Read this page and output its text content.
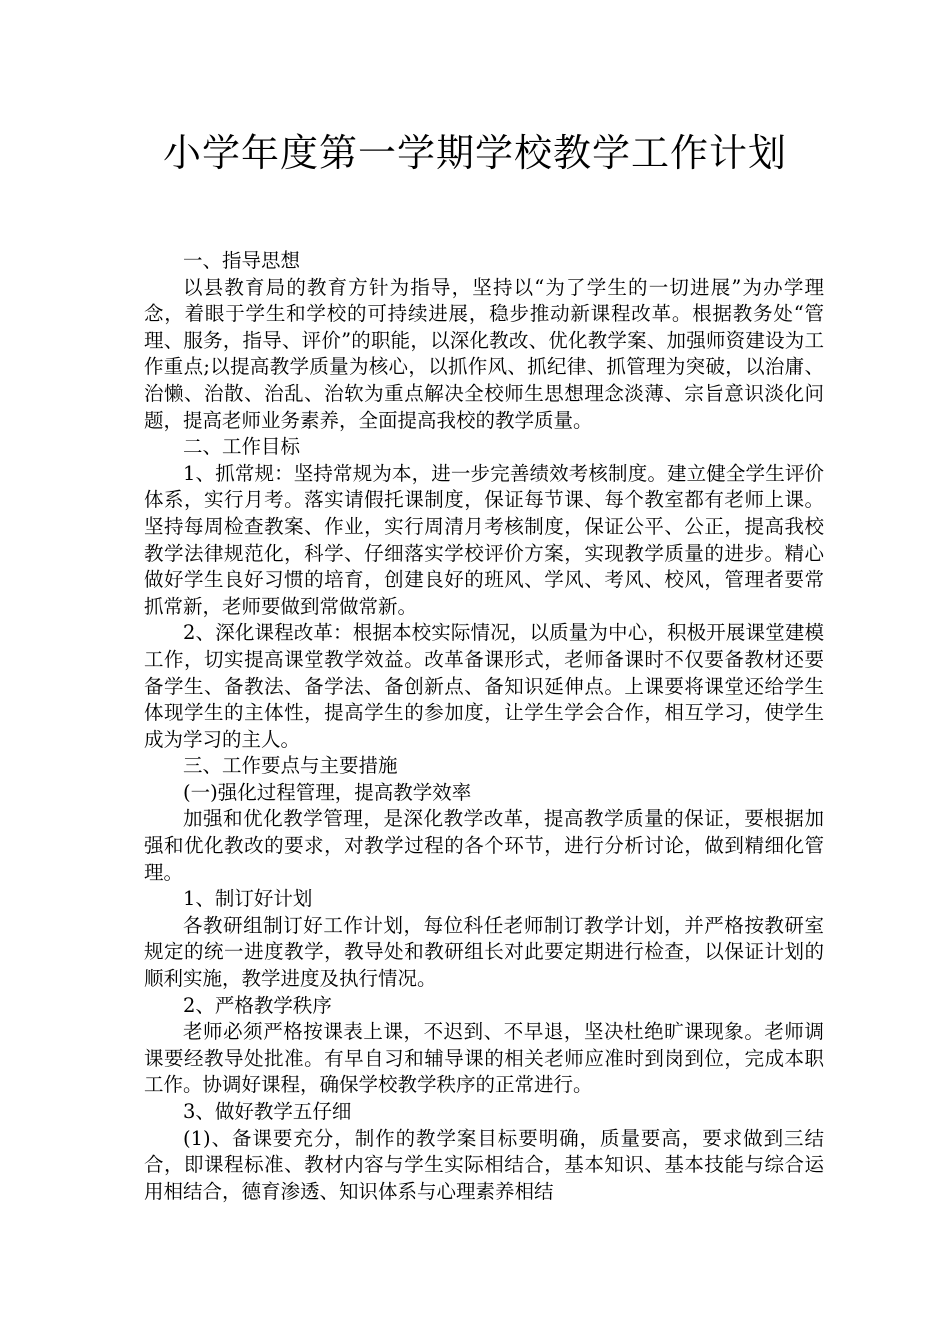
小学年度第一学期学校教学工作计划

一、指导思想

以县教育局的教育方针为指导，坚持以“为了学生的一切进展”为办学理念，着眼于学生和学校的可持续进展，稳步推动新课程改革。根据教务处“管理、服务，指导、评价”的职能，以深化教改、优化教学案、加强师资建设为工作重点;以提高教学质量为核心，以抓作风、抓纪律、抓管理为突破，以治庸、治懒、治散、治乱、治软为重点解决全校师生思想理念淡薄、宗旨意识淡化问题，提高老师业务素养，全面提高我校的教学质量。

二、工作目标

1、抓常规：坚持常规为本，进一步完善绩效考核制度。建立健全学生评价体系，实行月考。落实请假托课制度，保证每节课、每个教室都有老师上课。坚持每周检查教案、作业，实行周清月考核制度，保证公平、公正，提高我校教学法律规范化，科学、仔细落实学校评价方案，实现教学质量的进步。精心做好学生良好习惯的培育，创建良好的班风、学风、考风、校风，管理者要常抓常新，老师要做到常做常新。

2、深化课程改革：根据本校实际情况，以质量为中心，积极开展课堂建模工作，切实提高课堂教学效益。改革备课形式，老师备课时不仅要备教材还要备学生、备教法、备学法、备创新点、备知识延伸点。上课要将课堂还给学生体现学生的主体性，提高学生的参加度，让学生学会合作，相互学习，使学生成为学习的主人。

三、工作要点与主要措施

(一)强化过程管理，提高教学效率

加强和优化教学管理，是深化教学改革，提高教学质量的保证，要根据加强和优化教改的要求，对教学过程的各个环节，进行分析讨论，做到精细化管理。

1、制订好计划

各教研组制订好工作计划，每位科任老师制订教学计划，并严格按教研室规定的统一进度教学，教导处和教研组长对此要定期进行检查，以保证计划的顺利实施，教学进度及执行情况。

2、严格教学秩序

老师必须严格按课表上课，不迟到、不早退，坚决杜绝旷课现象。老师调课要经教导处批准。有早自习和辅导课的相关老师应准时到岗到位，完成本职工作。协调好课程，确保学校教学秩序的正常进行。

3、做好教学五仔细

(1)、备课要充分，制作的教学案目标要明确，质量要高，要求做到三结合，即课程标准、教材内容与学生实际相结合，基本知识、基本技能与综合运用相结合，德育渗透、知识体系与心理素养相结
